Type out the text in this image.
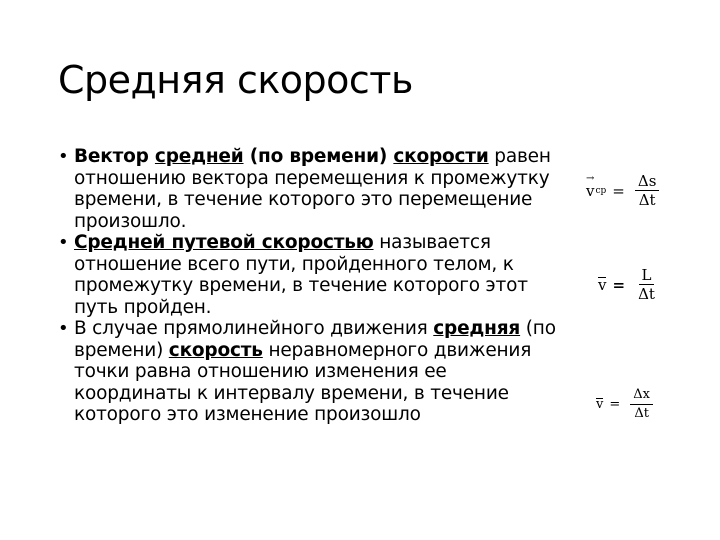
Средняя скорость
• Вектор средней (по времени) скорости равен отношению вектора перемещения к промежутку времени, в течение которого это перемещение произошло.
• Средней путевой скоростью называется отношение всего пути, пройденного телом, к промежутку времени, в течение которого этот путь пройден.
• В случае прямолинейного движения средняя (по времени) скорость неравномерного движения точки равна отношению изменения ее координаты к интервалу времени, в течение которого это изменение произошло
→
v ср = $\frac{\Delta s}{\Delta t}$
$v = \frac{L}{\Delta t}$
$v = \frac{\Delta x}{\Delta t}$
